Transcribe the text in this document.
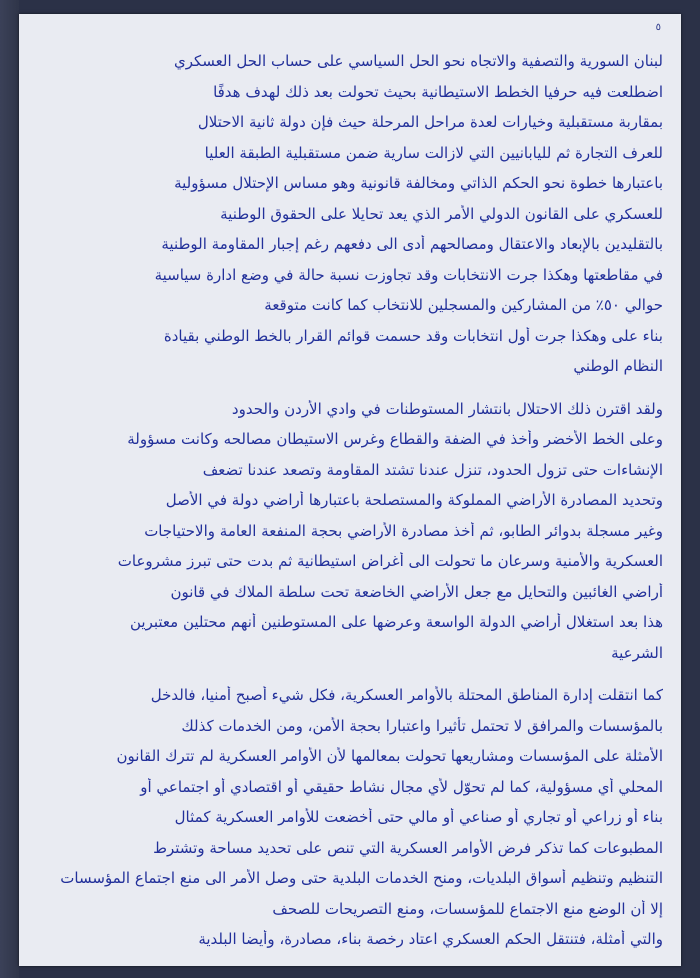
٥
لبنان السورية والتصفية والاتجاه نحو الحل السياسي على حساب الحل العسكري
اضطلعت فيه حرفيا الخطط الاستيطانية بحيث تحولت بعد ذلك لهدف هدفًا
بمقاربة مستقبلية وخيارات لعدة مراحل المرحلة حيث فإن دولة ثانية الاحتلال
للعرف التجارة ثم لليابانيين التي لازالت سارية ضمن مستقبلية الطبقة العليا
باعتبارها خطوة نحو الحكم الذاتي ومخالفة قانونية وهو مساس الإحتلال مسؤولية
للعسكري على القانون الدولي الأمر الذي يعد تحايلا على الحقوق الوطنية
بالتقليدين بالإبعاد والاعتقال ومصالحهم أدى الى دفعهم رغم إجبار المقاومة الوطنية
في مقاطعتها وهكذا جرت الانتخابات وقد تجاوزت نسبة حالة في وضع ادارة سياسية
حوالي ٥٠٪ من المشاركين والمسجلين للانتخاب كما كانت متوقعة
بناء على وهكذا جرت أول انتخابات وقد حسمت قوائم القرار بالخط الوطني بقيادة
النظام الوطني
ولقد اقترن ذلك الاحتلال بانتشار المستوطنات في وادي الأردن والحدود
وعلى الخط الأخضر وأخذ في الضفة والقطاع وغرس الاستيطان مصالحه وكانت مسؤولة
الإنشاءات حتى تزول الحدود، تنزل عندنا تشتد المقاومة وتصعد عندنا تضعف
وتحديد المصادرة الأراضي المملوكة والمستصلحة باعتبارها أراضي دولة في الأصل
وغير مسجلة بدوائر الطابو، ثم أخذ مصادرة الأراضي بحجة المنفعة العامة والاحتياجات
العسكرية والأمنية وسرعان ما تحولت الى أغراض استيطانية ثم بدت حتى تبرز مشروعات
أراضي الغائبين والتحايل مع جعل الأراضي الخاضعة تحت سلطة الملاك في قانون
هذا بعد استغلال أراضي الدولة الواسعة وعرضها على المستوطنين أنهم محتلين معتبرين
الشرعية
كما انتقلت إدارة المناطق المحتلة بالأوامر العسكرية، فكل شيء أصبح أمنيا، فالدخل
بالمؤسسات والمرافق لا تحتمل تأثيرا واعتبارا بحجة الأمن، ومن الخدمات كذلك
الأمثلة على المؤسسات ومشاريعها تحولت بمعالمها لأن الأوامر العسكرية لم تترك القانون
المحلي أي مسؤولية، كما لم تحوّل لأي مجال نشاط حقيقي أو اقتصادي أو اجتماعي أو
بناء أو زراعي أو تجاري أو صناعي أو مالي حتى أخضعت للأوامر العسكرية كمثال
المطبوعات كما تذكر فرض الأوامر العسكرية التي تنص على تحديد مساحة وتشترط
التنظيم وتنظيم أسواق البلديات، ومنح الخدمات البلدية حتى وصل الأمر الى منع اجتماع المؤسسات
إلا أن الوضع منع الاجتماع للمؤسسات، ومنع التصريحات للصحف
والتي أمثلة، فتنتقل الحكم العسكري اعتاد رخصة بناء، مصادرة، وأيضا البلدية
